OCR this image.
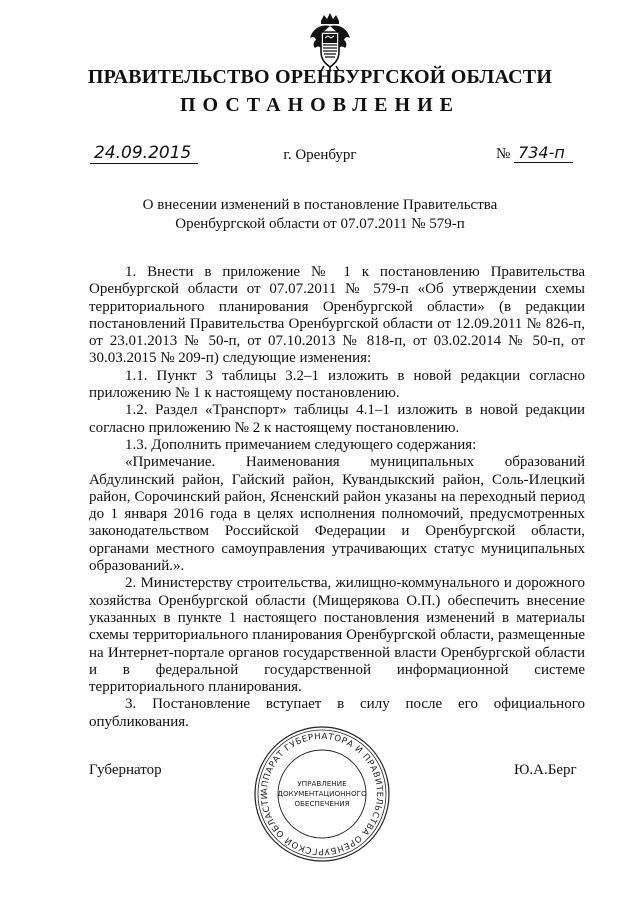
ПРАВИТЕЛЬСТВО ОРЕНБУРГСКОЙ ОБЛАСТИ
ПОСТАНОВЛЕНИЕ
24.09.2015	г. Оренбург	№ 734-п
О внесении изменений в постановление Правительства
Оренбургской области от 07.07.2011 № 579-п

1. Внести в приложение № 1 к постановлению Правительства Оренбургской области от 07.07.2011 № 579-п «Об утверждении схемы территориального планирования Оренбургской области» (в редакции постановлений Правительства Оренбургской области от 12.09.2011 № 826-п, от 23.01.2013 № 50-п, от 07.10.2013 № 818-п, от 03.02.2014 № 50-п, от 30.03.2015 № 209-п) следующие изменения:

1.1. Пункт 3 таблицы 3.2–1 изложить в новой редакции согласно приложению № 1 к настоящему постановлению.

1.2. Раздел «Транспорт» таблицы 4.1–1 изложить в новой редакции согласно приложению № 2 к настоящему постановлению.

1.3. Дополнить примечанием следующего содержания:

«Примечание. Наименования муниципальных образований Абдулинский район, Гайский район, Кувандыкский район, Соль-Илецкий район, Сорочинский район, Ясненский район указаны на переходный период до 1 января 2016 года в целях исполнения полномочий, предусмотренных законодательством Российской Федерации и Оренбургской области, органами местного самоуправления утрачивающих статус муниципальных образований.».

2. Министерству строительства, жилищно-коммунального и дорожного хозяйства Оренбургской области (Мищерякова О.П.) обеспечить внесение указанных в пункте 1 настоящего постановления изменений в материалы схемы территориального планирования Оренбургской области, размещенные на Интернет-портале органов государственной власти Оренбургской области и в федеральной государственной информационной системе территориального планирования.

3. Постановление вступает в силу после его официального опубликования.

Губернатор	Ю.А.Берг
АППАРАТ ГУБЕРНАТОРА И ПРАВИТЕЛЬСТВА ОРЕНБУРГСКОЙ ОБЛАСТИ
УПРАВЛЕНИЕ
ДОКУМЕНТАЦИОННОГО
ОБЕСПЕЧЕНИЯ
